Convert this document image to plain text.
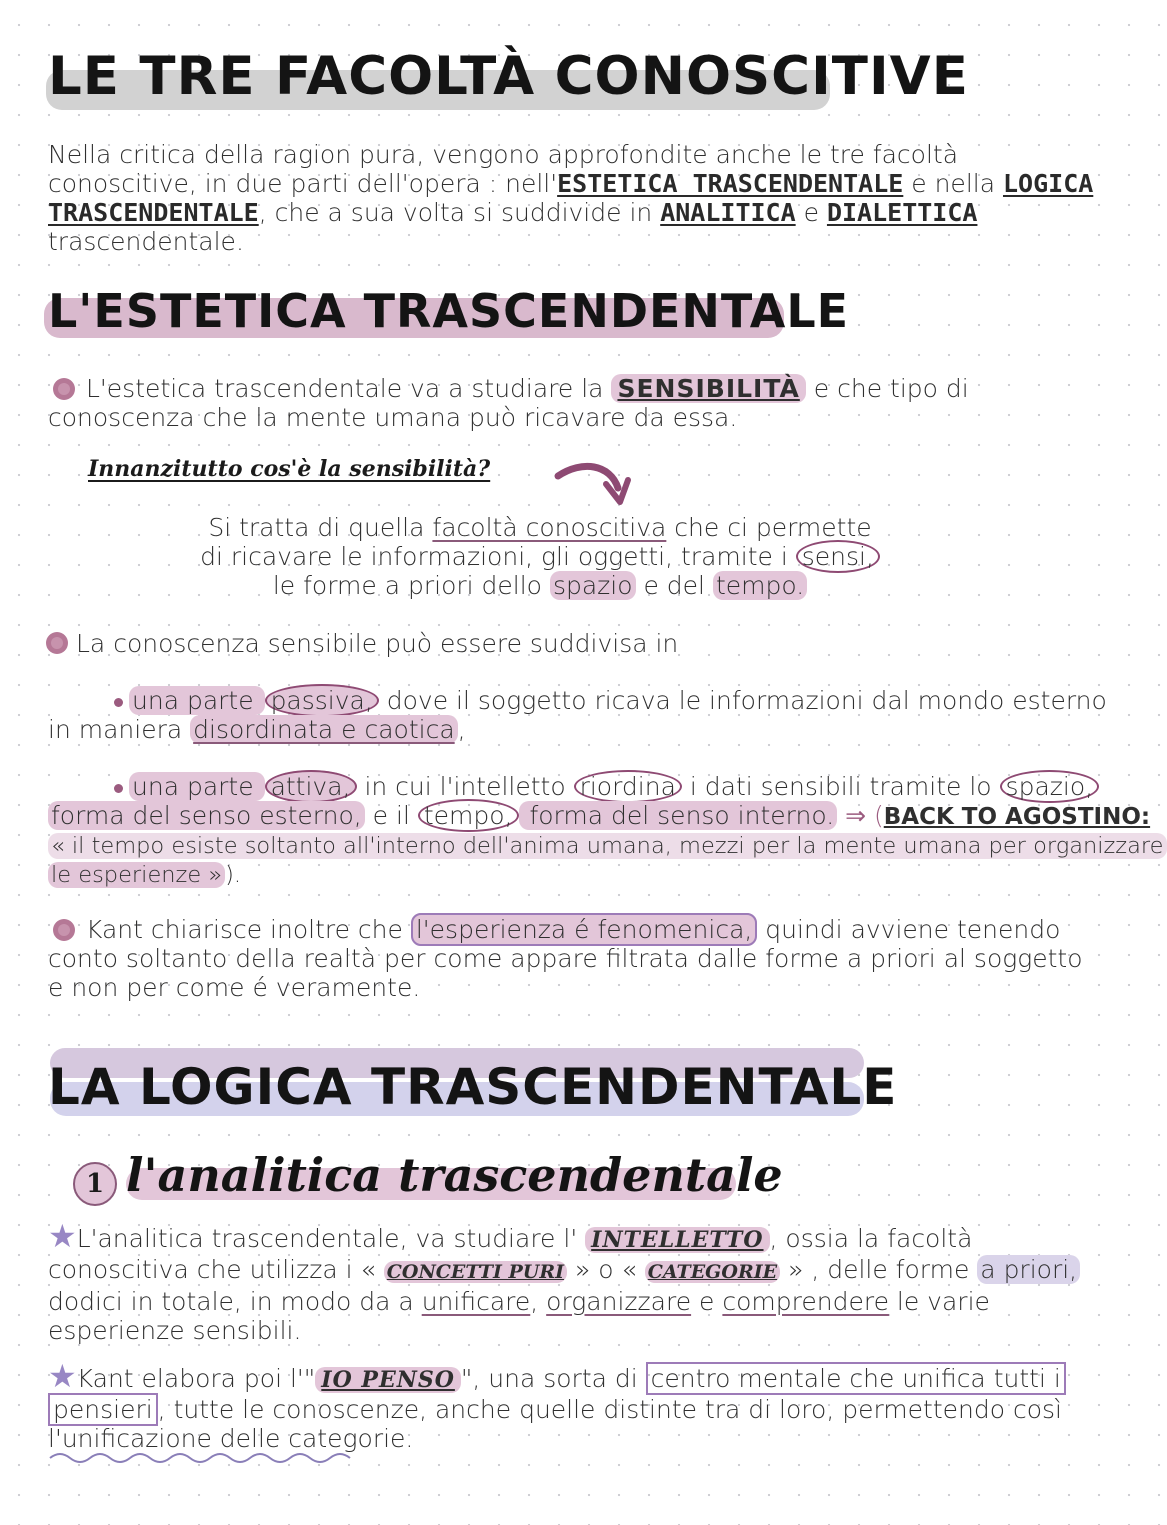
LE TRE FACOLTÀ CONOSCITIVE

Nella critica della ragion pura, vengono approfondite anche le tre facoltà

conoscitive, in due parti dell'opera : nell'ESTETICA TRASCENDENTALE e nella LOGICA

TRASCENDENTALE, che a sua volta si suddivide in ANALITICA e DIALETTICA

trascendentale.

L'ESTETICA TRASCENDENTALE

L'estetica trascendentale va a studiare la SENSIBILITÀ e che tipo di

conoscenza che la mente umana può ricavare da essa.

Innanzitutto cos'è la sensibilità?

Si tratta di quella facoltà conoscitiva che ci permette

di ricavare le informazioni, gli oggetti, tramite i sensi,

le forme a priori dello spazio e del tempo.

La conoscenza sensibile può essere suddivisa in

una parte passiva, dove il soggetto ricava le informazioni dal mondo esterno

in maniera disordinata e caotica ,

una parte attiva, in cui l'intelletto riordina i dati sensibili tramite lo spazio,

forma del senso esterno, e il tempo, forma del senso interno. ⇒ (BACK TO AGOSTINO:

« il tempo esiste soltanto all'interno dell'anima umana, mezzi per la mente umana per organizzare

le esperienze » ).

Kant chiarisce inoltre che l'esperienza é fenomenica, quindi avviene tenendo

conto soltanto della realtà per come appare filtrata dalle forme a priori al soggetto

e non per come é veramente.

LA LOGICA TRASCENDENTALE
1 l'analitica trascendentale

★L'analitica trascendentale, va studiare l' INTELLETTO , ossia la facoltà

conoscitiva che utilizza i « CONCETTI PURI » o « CATEGORIE » , delle forme a priori,

dodici in totale, in modo da a unificare, organizzare e comprendere le varie

esperienze sensibili.

★Kant elabora poi l'" IO PENSO ", una sorta di centro mentale che unifica tutti i

pensieri , tutte le conoscenze, anche quelle distinte tra di loro, permettendo così

l'unificazione delle categorie.
